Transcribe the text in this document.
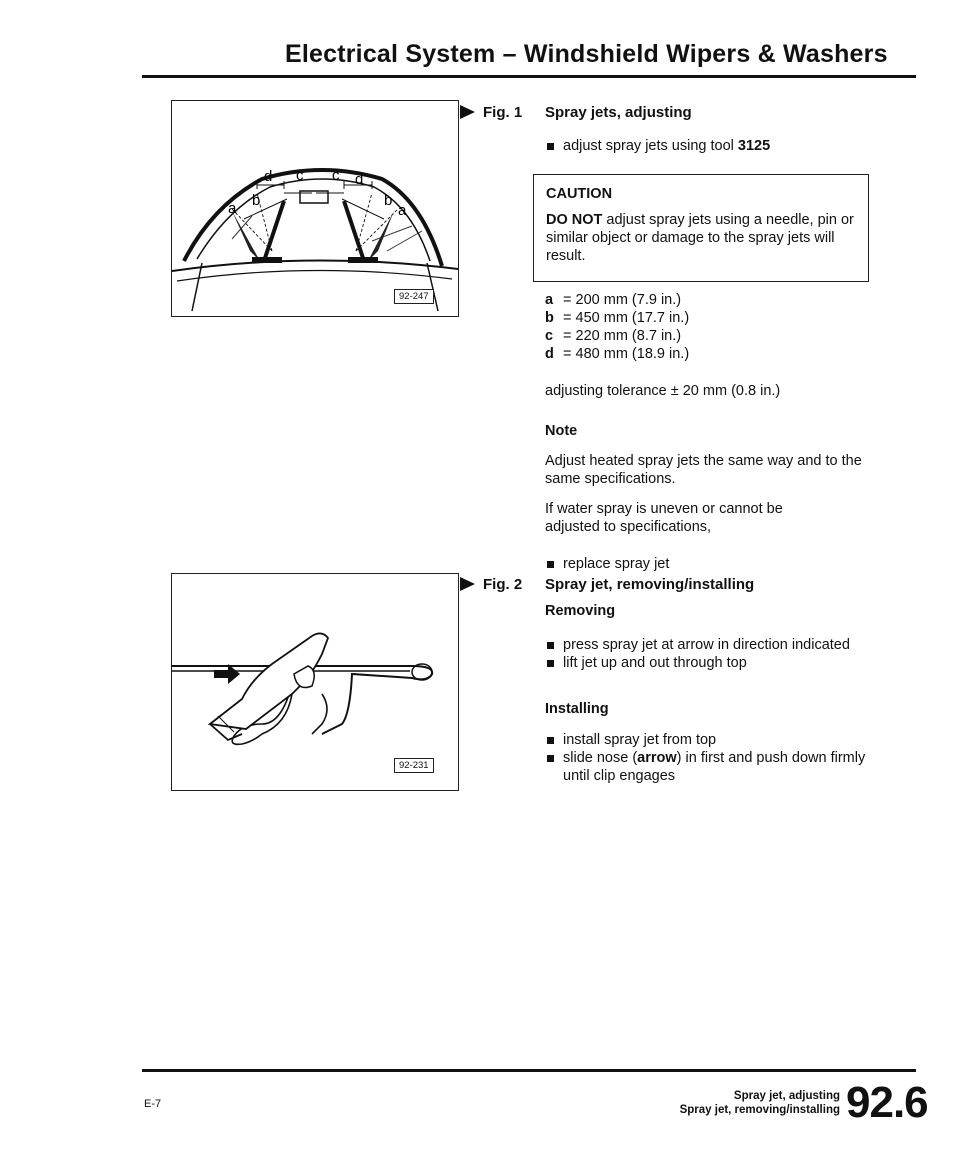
Electrical System – Windshield Wipers & Washers
d c c d
a b	b
a
92-247
92-231
Fig. 1 Spray jets, adjusting
adjust spray jets using tool 3125
CAUTION
DO NOT adjust spray jets using a needle, pin or similar object or damage to the spray jets will result.
a = 200 mm (7.9 in.)
b = 450 mm (17.7 in.)
c = 220 mm (8.7 in.)
d = 480 mm (18.9 in.)
adjusting tolerance ± 20 mm (0.8 in.)
Note
Adjust heated spray jets the same way and to the same specifications.
If water spray is uneven or cannot be adjusted to specifications,
replace spray jet
Fig. 2 Spray jet, removing/installing
Removing
press spray jet at arrow in direction indicated
lift jet up and out through top
Installing
install spray jet from top
slide nose (arrow) in first and push down firmly until clip engages
E-7
Spray jet, adjusting
Spray jet, removing/installing 92.6
